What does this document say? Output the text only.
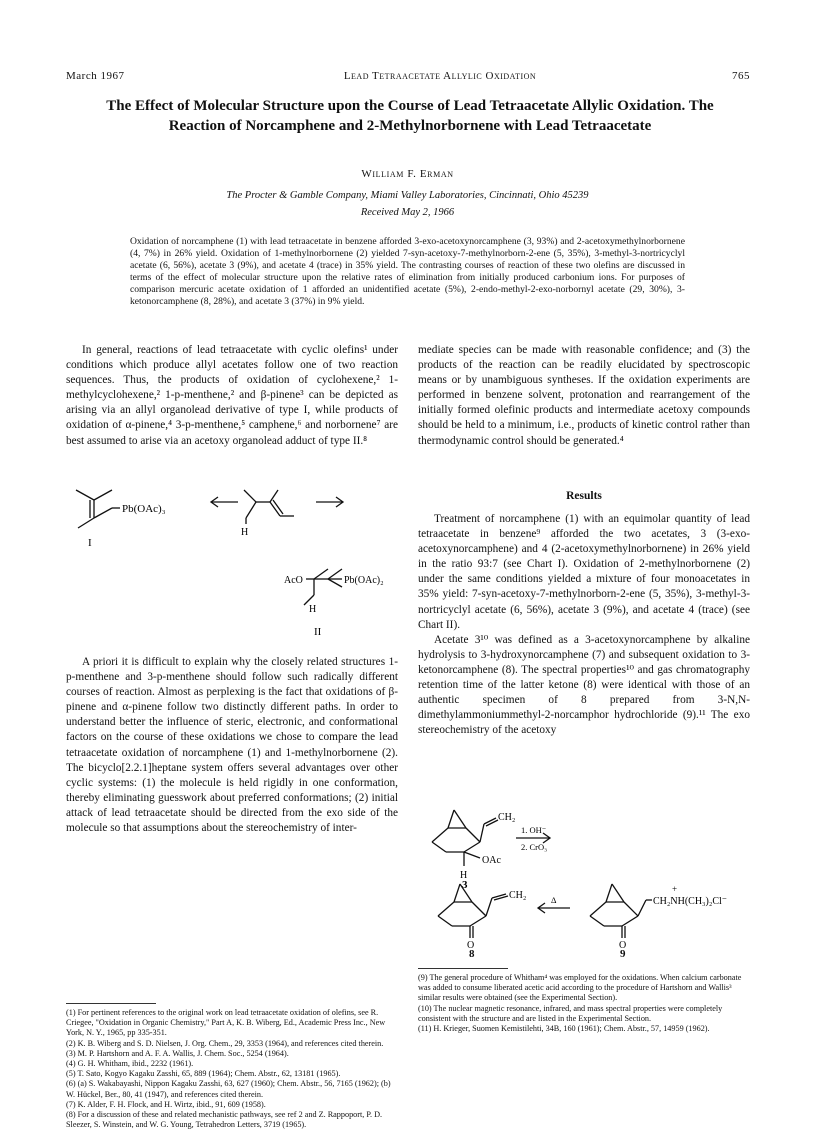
March 1967	Lead Tetraacetate Allylic Oxidation	765
The Effect of Molecular Structure upon the Course of Lead Tetraacetate Allylic Oxidation. The Reaction of Norcamphene and 2-Methylnorbornene with Lead Tetraacetate
William F. Erman
The Procter & Gamble Company, Miami Valley Laboratories, Cincinnati, Ohio 45239
Received May 2, 1966
Oxidation of norcamphene (1) with lead tetraacetate in benzene afforded 3-exo-acetoxynorcamphene (3, 93%) and 2-acetoxymethylnorbornene (4, 7%) in 26% yield. Oxidation of 1-methylnorbornene (2) yielded 7-syn-acetoxy-7-methylnorborn-2-ene (5, 35%), 3-methyl-3-nortricyclyl acetate (6, 56%), acetate 3 (9%), and acetate 4 (trace) in 35% yield. The contrasting courses of reaction of these two olefins are discussed in terms of the effect of molecular structure upon the relative rates of elimination from initially produced carbonium ions. For purposes of comparison mercuric acetate oxidation of 1 afforded an unidentified acetate (5%), 2-endo-methyl-2-exo-norbornyl acetate (29, 30%), 3-ketonorcamphene (8, 28%), and acetate 3 (37%) in 9% yield.

In general, reactions of lead tetraacetate with cyclic olefins¹ under conditions which produce allyl acetates follow one of two reaction sequences. Thus, the products of oxidation of cyclohexene,² 1-methylcyclohexene,² 1-p-menthene,² and β-pinene³ can be depicted as arising via an allyl organolead derivative of type I, while products of oxidation of α-pinene,⁴ 3-p-menthene,⁵ camphene,⁶ and norbornene⁷ are best assumed to arise via an acetoxy organolead adduct of type II.⁸

Pb(OAc)₃
H
I
AcO	Pb(OAc)₂
H
II

A priori it is difficult to explain why the closely related structures 1-p-menthene and 3-p-menthene should follow such radically different courses of reaction. Almost as perplexing is the fact that oxidations of β-pinene and α-pinene follow two distinctly different paths. In order to understand better the influence of steric, electronic, and conformational factors on the course of these oxidations we chose to compare the lead tetraacetate oxidation of norcamphene (1) and 1-methylnorbornene (2). The bicyclo[2.2.1]heptane system offers several advantages over other cyclic systems: (1) the molecule is held rigidly in one conformation, thereby eliminating guesswork about preferred conformations; (2) initial attack of lead tetraacetate should be directed from the exo side of the molecule so that assumptions about the stereochemistry of inter-

(1) For pertinent references to the original work on lead tetraacetate oxidation of olefins, see R. Criegee, "Oxidation in Organic Chemistry," Part A, K. B. Wiberg, Ed., Academic Press Inc., New York, N. Y., 1965, pp 335-351.

(2) K. B. Wiberg and S. D. Nielsen, J. Org. Chem., 29, 3353 (1964), and references cited therein.

(3) M. P. Hartshorn and A. F. A. Wallis, J. Chem. Soc., 5254 (1964).

(4) G. H. Whitham, ibid., 2232 (1961).

(5) T. Sato, Kogyo Kagaku Zasshi, 65, 889 (1964); Chem. Abstr., 62, 13181 (1965).

(6) (a) S. Wakabayashi, Nippon Kagaku Zasshi, 63, 627 (1960); Chem. Abstr., 56, 7165 (1962); (b) W. Hückel, Ber., 80, 41 (1947), and references cited therein.

(7) K. Alder, F. H. Flock, and H. Wirtz, ibid., 91, 609 (1958).

(8) For a discussion of these and related mechanistic pathways, see ref 2 and Z. Rappoport, P. D. Sleezer, S. Winstein, and W. G. Young, Tetrahedron Letters, 3719 (1965).

mediate species can be made with reasonable confidence; and (3) the products of the reaction can be readily elucidated by spectroscopic means or by unambiguous syntheses. If the oxidation experiments are performed in benzene solvent, protonation and rearrangement of the initially formed olefinic products and intermediate acetoxy compounds should be held to a minimum, i.e., products of kinetic control rather than thermodynamic control should be generated.⁴

Results

Treatment of norcamphene (1) with an equimolar quantity of lead tetraacetate in benzene⁹ afforded the two acetates, 3 (3-exo-acetoxynorcamphene) and 4 (2-acetoxymethylnorbornene) in 26% yield in the ratio 93:7 (see Chart I). Oxidation of 2-methylnorbornene (2) under the same conditions yielded a mixture of four monoacetates in 35% yield: 7-syn-acetoxy-7-methylnorborn-2-ene (5, 35%), 3-methyl-3-nortricyclyl acetate (6, 56%), acetate 3 (9%), and acetate 4 (trace) (see Chart II).

Acetate 3¹⁰ was defined as a 3-acetoxynorcamphene by alkaline hydrolysis to 3-hydroxynorcamphene (7) and subsequent oxidation to 3-ketonorcamphene (8). The spectral properties¹⁰ and gas chromatography retention time of the latter ketone (8) were identical with those of an authentic specimen of 8 prepared from 3-N,N-dimethylammoniummethyl-2-norcamphor hydrochloride (9).¹¹ The exo stereochemistry of the acetoxy

CH₂
OAc
H
3
1. OH⁻
2. CrO₃
CH₂
O
Δ	CH₂NH(CH₃)₂Cl⁻
+
O
8	9

(9) The general procedure of Whitham⁴ was employed for the oxidations. When calcium carbonate was added to consume liberated acetic acid according to the procedure of Hartshorn and Wallis³ similar results were obtained (see the Experimental Section).

(10) The nuclear magnetic resonance, infrared, and mass spectral properties were completely consistent with the structure and are listed in the Experimental Section.

(11) H. Krieger, Suomen Kemistilehti, 34B, 160 (1961); Chem. Abstr., 57, 14959 (1962).
